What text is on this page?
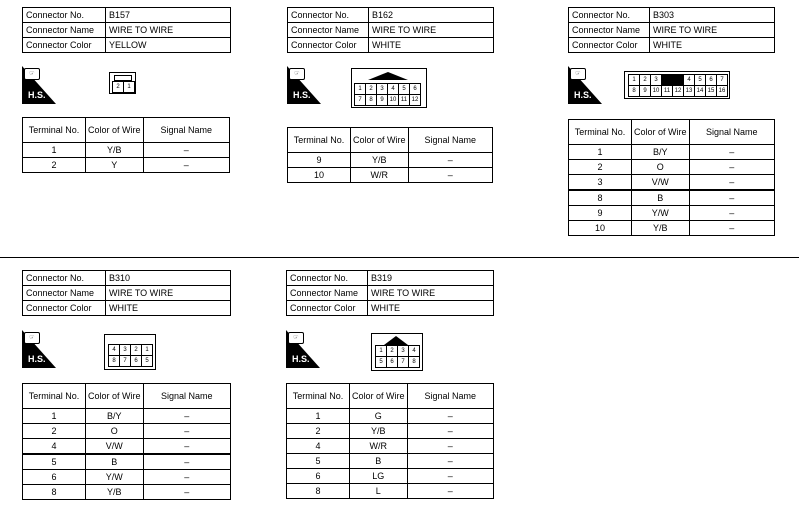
Connector No.	B157
Connector Name	WIRE TO WIRE
Connector Color	YELLOW
☞
H.S.
2	1
Terminal No.	Color of Wire	Signal Name
1	Y/B	–
2	Y	–
Connector No.	B162
Connector Name	WIRE TO WIRE
Connector Color	WHITE
☞
H.S.
1	2	3	4	5	6
7	8	9 10 11 12
Terminal No.	Color of Wire	Signal Name
9	Y/B	–
10	W/R	–
Connector No.	B303
Connector Name	WIRE TO WIRE
Connector Color	WHITE
☞
H.S.
1	2	3	4	5	6	7
8	9 10 11 12 13 14 15 16
Terminal No.	Color of Wire	Signal Name
1	B/Y	–
2	O	–
3	V/W	–
8	B	–
9	Y/W	–
10	Y/B	–
Connector No.	B310
Connector Name	WIRE TO WIRE
Connector Color	WHITE
☞
H.S.
4	3	2	1
8	7	6	5
Terminal No.	Color of Wire	Signal Name
1	B/Y	–
2	O	–
4	V/W	–
5	B	–
6	Y/W	–
8	Y/B	–
Connector No.	B319
Connector Name	WIRE TO WIRE
Connector Color	WHITE
☞
H.S.
1	2	3	4
5	6	7	8
Terminal No.	Color of Wire	Signal Name
1	G	–
2	Y/B	–
4	W/R	–
5	B	–
6	LG	–
8	L	–
